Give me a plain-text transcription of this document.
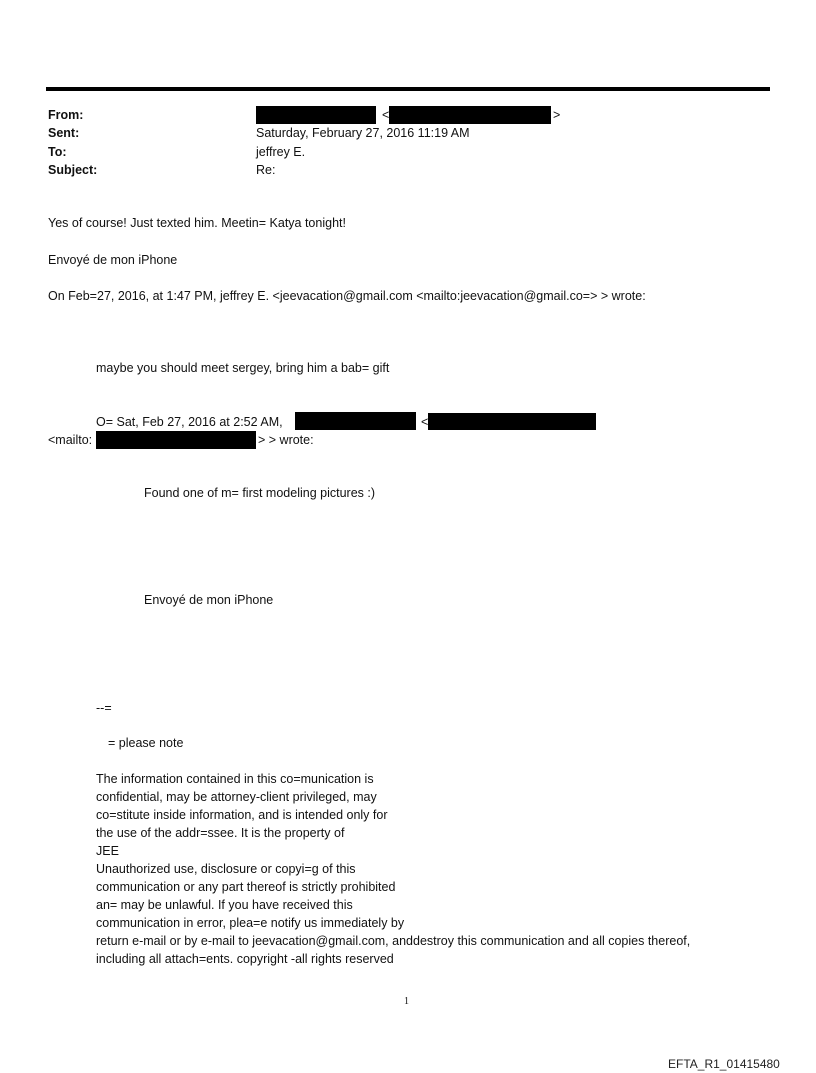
From:	<	>
Sent:	Saturday, February 27, 2016 11:19 AM
To:	jeffrey E.
Subject:	Re:
Yes of course! Just texted him. Meetin= Katya tonight!
Envoyé de mon iPhone
On Feb=27, 2016, at 1:47 PM, jeffrey E. <jeevacation@gmail.com <mailto:jeevacation@gmail.co=> > wrote:
maybe you should meet sergey, bring him a bab= gift
O= Sat, Feb 27, 2016 at 2:52 AM,	<
<mailto:	> > wrote:
Found one of m= first modeling pictures :)
Envoyé de mon iPhone
--=
= please note
The information contained in this co=munication is
confidential, may be attorney-client privileged, may
co=stitute inside information, and is intended only for
the use of the addr=ssee. It is the property of
JEE
Unauthorized use, disclosure or copyi=g of this
communication or any part thereof is strictly prohibited
an= may be unlawful. If you have received this
communication in error, plea=e notify us immediately by
return e-mail or by e-mail to jeevacation@gmail.com, anddestroy this communication and all copies thereof,
including all attach=ents. copyright -all rights reserved
1
EFTA_R1_01415480
